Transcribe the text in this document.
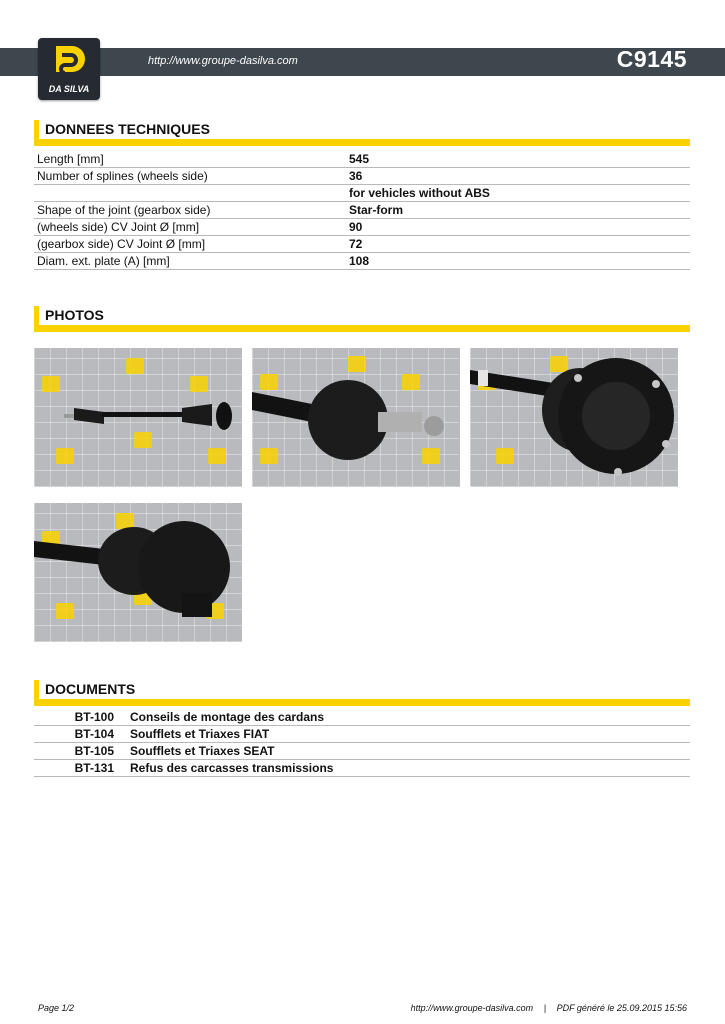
http://www.groupe-dasilva.com	C9145
DA SILVA
DONNEES TECHNIQUES
Length [mm]	545
Number of splines (wheels side)	36
	for vehicles without ABS
Shape of the joint (gearbox side)	Star-form
(wheels side) CV Joint Ø [mm]	90
(gearbox side) CV Joint Ø [mm]	72
Diam. ext. plate (A) [mm]	108
PHOTOS
DOCUMENTS
BT-100	Conseils de montage des cardans
BT-104	Soufflets et Triaxes FIAT
BT-105	Soufflets et Triaxes SEAT
BT-131	Refus des carcasses transmissions
Page 1/2	http://www.groupe-dasilva.com | PDF généré le 25.09.2015 15:56
